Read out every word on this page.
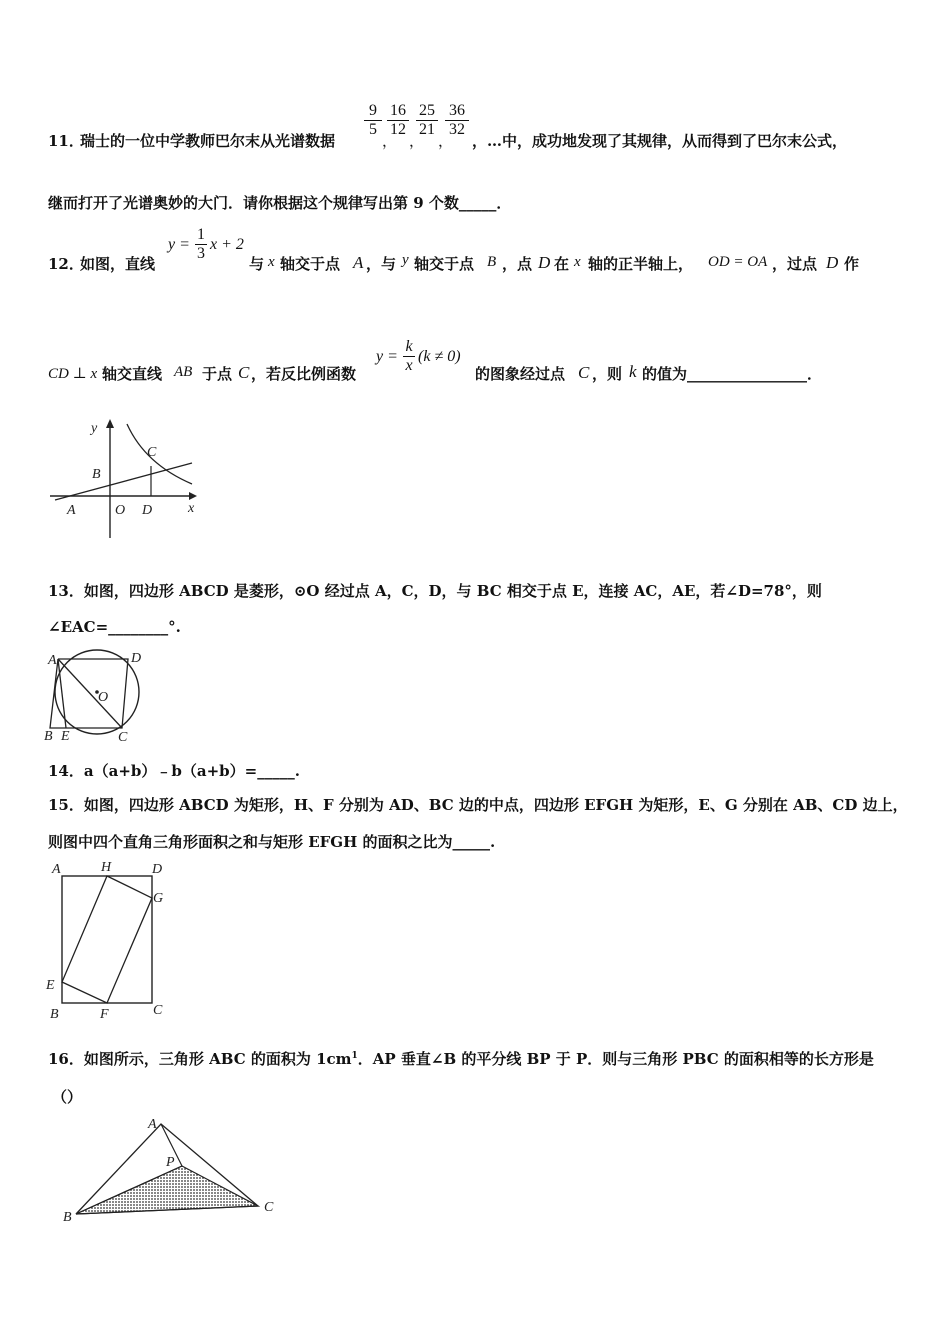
11．
瑞士的一位中学教师巴尔末从光谱数据
$\frac{9}{5}$
，
$\frac{16}{12}$
，
$\frac{25}{21}$
，
$\frac{36}{32}$
，…中，成功地发现了其规律，从而得到了巴尔末公式，
继而打开了光谱奥妙的大门．请你根据这个规律写出第 9 个数_____．
12．
如图，直线
$y = \frac{1}{3}$ x + 2
与 x 轴交于点 A ，与 y 轴交于点 B ，点 D 在 x 轴的正半轴上， OD = OA ，过点 D 作
CD ⊥ x 轴交直线 AB 于点 C ，若反比例函数
$y = \frac{k}{x} (k \ne 0)$
的图象经过点 C ，则 k 的值为________________．
y
C
B
A	O D	x
13．如图，四边形 ABCD 是菱形，⊙O 经过点 A，C，D，与 BC 相交于点 E，连接 AC，AE，若∠D=78°，则
∠EAC=________°.
A	D
O
B E	C
14．a（a+b）﹣b（a+b）=_____.
15．如图，四边形 ABCD 为矩形，H、F 分别为 AD、BC 边的中点，四边形 EFGH 为矩形，E、G 分别在 AB、CD 边上，
则图中四个直角三角形面积之和与矩形 EFGH 的面积之比为_____.
A	H	D
G
E
B	F	C
16．如图所示，三角形 ABC 的面积为 $1cm^1$．AP 垂直∠B 的平分线 BP 于 P．则与三角形 PBC 的面积相等的长方形是
（）
A
P
B
C
